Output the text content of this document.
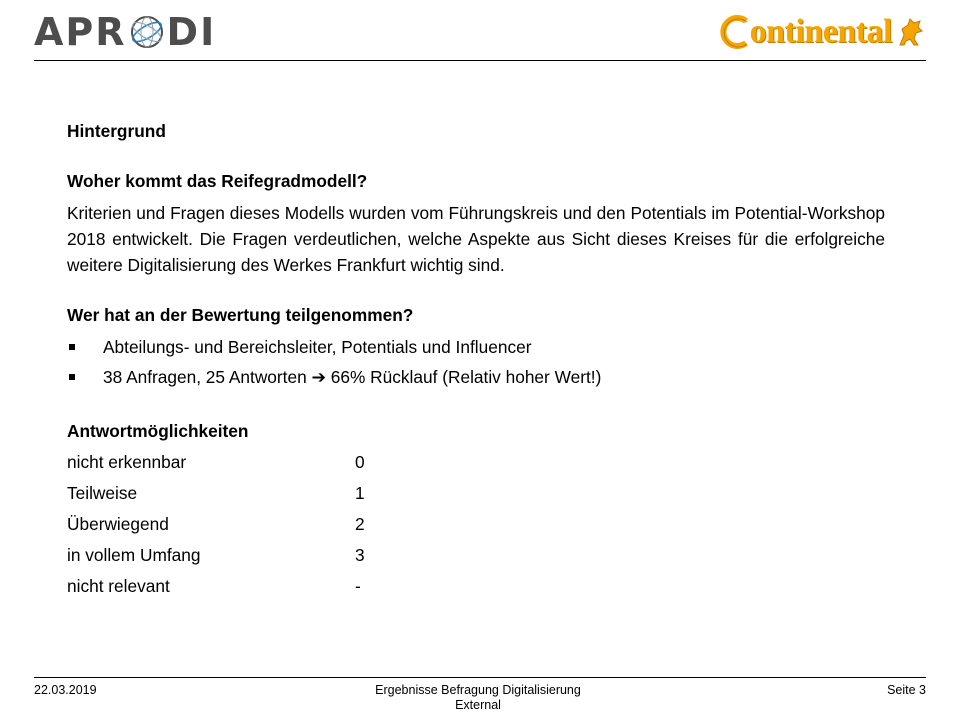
APR DI	ontinental

Hintergrund

Woher kommt das Reifegradmodell?

Kriterien und Fragen dieses Modells wurden vom Führungskreis und den Potentials im Potential-Workshop 2018 entwickelt. Die Fragen verdeutlichen, welche Aspekte aus Sicht dieses Kreises für die erfolgreiche weitere Digitalisierung des Werkes Frankfurt wichtig sind.

Wer hat an der Bewertung teilgenommen?

Abteilungs- und Bereichsleiter, Potentials und Influencer
38 Anfragen, 25 Antworten ➔ 66% Rücklauf (Relativ hoher Wert!)

Antwortmöglichkeiten

nicht erkennbar	0
Teilweise	1
Überwiegend	2
in vollem Umfang	3
nicht relevant	-
22.03.2019	Ergebnisse Befragung Digitalisierung
External
Seite 3
